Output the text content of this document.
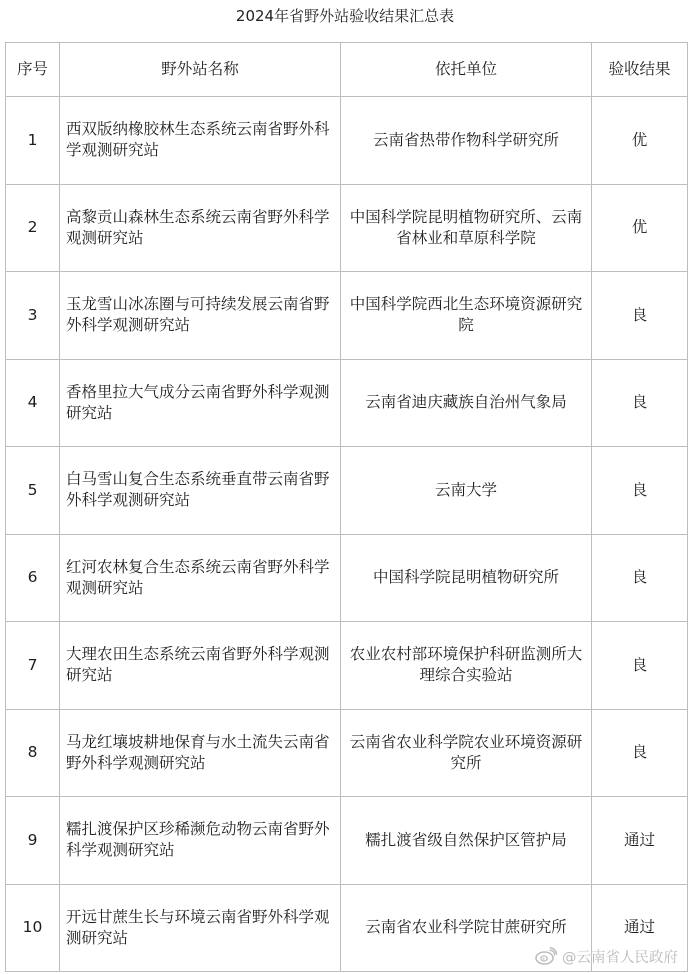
2024年省野外站验收结果汇总表
序号	野外站名称	依托单位	验收结果
1	西双版纳橡胶林生态系统云南省野外科学观测研究站	云南省热带作物科学研究所	优
2	高黎贡山森林生态系统云南省野外科学观测研究站	中国科学院昆明植物研究所、云南省林业和草原科学院	优
3	玉龙雪山冰冻圈与可持续发展云南省野外科学观测研究站	中国科学院西北生态环境资源研究院	良
4	香格里拉大气成分云南省野外科学观测研究站	云南省迪庆藏族自治州气象局	良
5	白马雪山复合生态系统垂直带云南省野外科学观测研究站	云南大学	良
6	红河农林复合生态系统云南省野外科学观测研究站	中国科学院昆明植物研究所	良
7	大理农田生态系统云南省野外科学观测研究站	农业农村部环境保护科研监测所大理综合实验站	良
8	马龙红壤坡耕地保育与水土流失云南省野外科学观测研究站	云南省农业科学院农业环境资源研究所	良
9	糯扎渡保护区珍稀濒危动物云南省野外科学观测研究站	糯扎渡省级自然保护区管护局	通过
10	开远甘蔗生长与环境云南省野外科学观测研究站	云南省农业科学院甘蔗研究所	通过
@云南省人民政府
